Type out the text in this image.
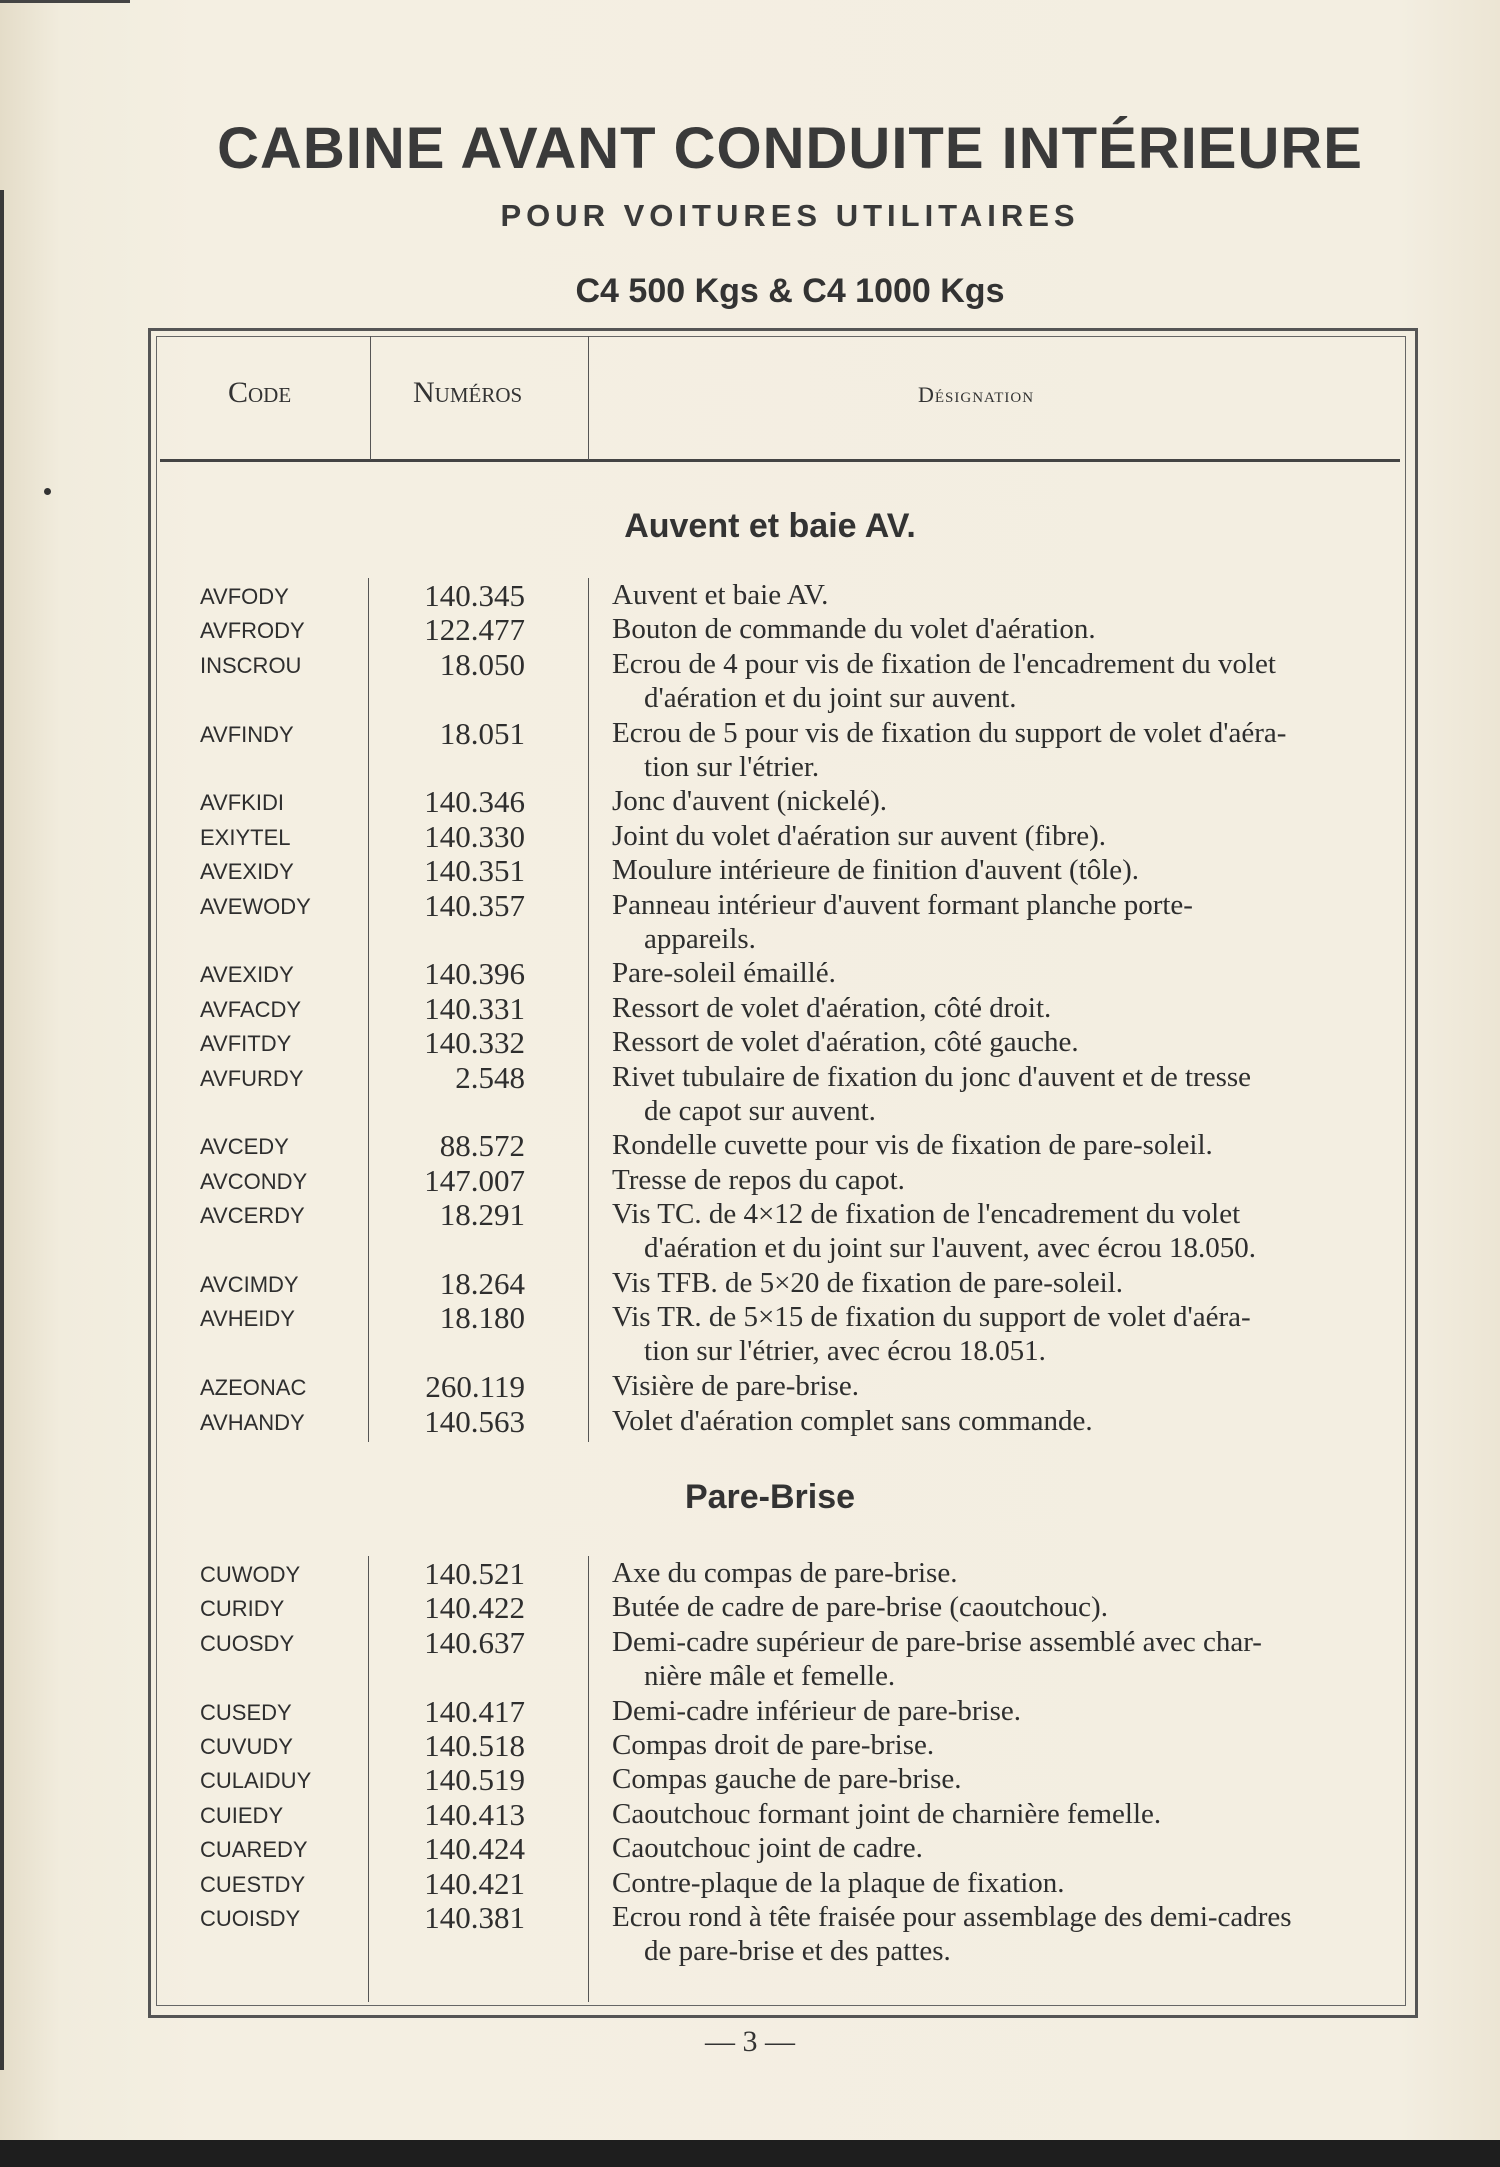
CABINE AVANT CONDUITE INTÉRIEURE
POUR VOITURES UTILITAIRES
C4 500 Kgs & C4 1000 Kgs
Code	Numéros	Désignation
Auvent et baie AV.
AVFODY	140.345	Auvent et baie AV.
AVFRODY	122.477	Bouton de commande du volet d'aération.
INSCROU	18.050	Ecrou de 4 pour vis de fixation de l'encadrement du volet
d'aération et du joint sur auvent.
AVFINDY	18.051	Ecrou de 5 pour vis de fixation du support de volet d'aéra-
tion sur l'étrier.
AVFKIDI	140.346	Jonc d'auvent (nickelé).
EXIYTEL	140.330	Joint du volet d'aération sur auvent (fibre).
AVEXIDY	140.351	Moulure intérieure de finition d'auvent (tôle).
AVEWODY	140.357	Panneau intérieur d'auvent formant planche porte-
appareils.
AVEXIDY	140.396	Pare-soleil émaillé.
AVFACDY	140.331	Ressort de volet d'aération, côté droit.
AVFITDY	140.332	Ressort de volet d'aération, côté gauche.
AVFURDY	2.548	Rivet tubulaire de fixation du jonc d'auvent et de tresse
de capot sur auvent.
AVCEDY	88.572	Rondelle cuvette pour vis de fixation de pare-soleil.
AVCONDY	147.007	Tresse de repos du capot.
AVCERDY	18.291	Vis TC. de 4×12 de fixation de l'encadrement du volet
d'aération et du joint sur l'auvent, avec écrou 18.050.
AVCIMDY	18.264	Vis TFB. de 5×20 de fixation de pare-soleil.
AVHEIDY	18.180	Vis TR. de 5×15 de fixation du support de volet d'aéra-
tion sur l'étrier, avec écrou 18.051.
AZEONAC	260.119	Visière de pare-brise.
AVHANDY	140.563	Volet d'aération complet sans commande.
Pare-Brise
CUWODY	140.521	Axe du compas de pare-brise.
CURIDY	140.422	Butée de cadre de pare-brise (caoutchouc).
CUOSDY	140.637	Demi-cadre supérieur de pare-brise assemblé avec char-
nière mâle et femelle.
CUSEDY	140.417	Demi-cadre inférieur de pare-brise.
CUVUDY	140.518	Compas droit de pare-brise.
CULAIDUY	140.519	Compas gauche de pare-brise.
CUIEDY	140.413	Caoutchouc formant joint de charnière femelle.
CUAREDY	140.424	Caoutchouc joint de cadre.
CUESTDY	140.421	Contre-plaque de la plaque de fixation.
CUOISDY	140.381	Ecrou rond à tête fraisée pour assemblage des demi-cadres
de pare-brise et des pattes.
— 3 —
